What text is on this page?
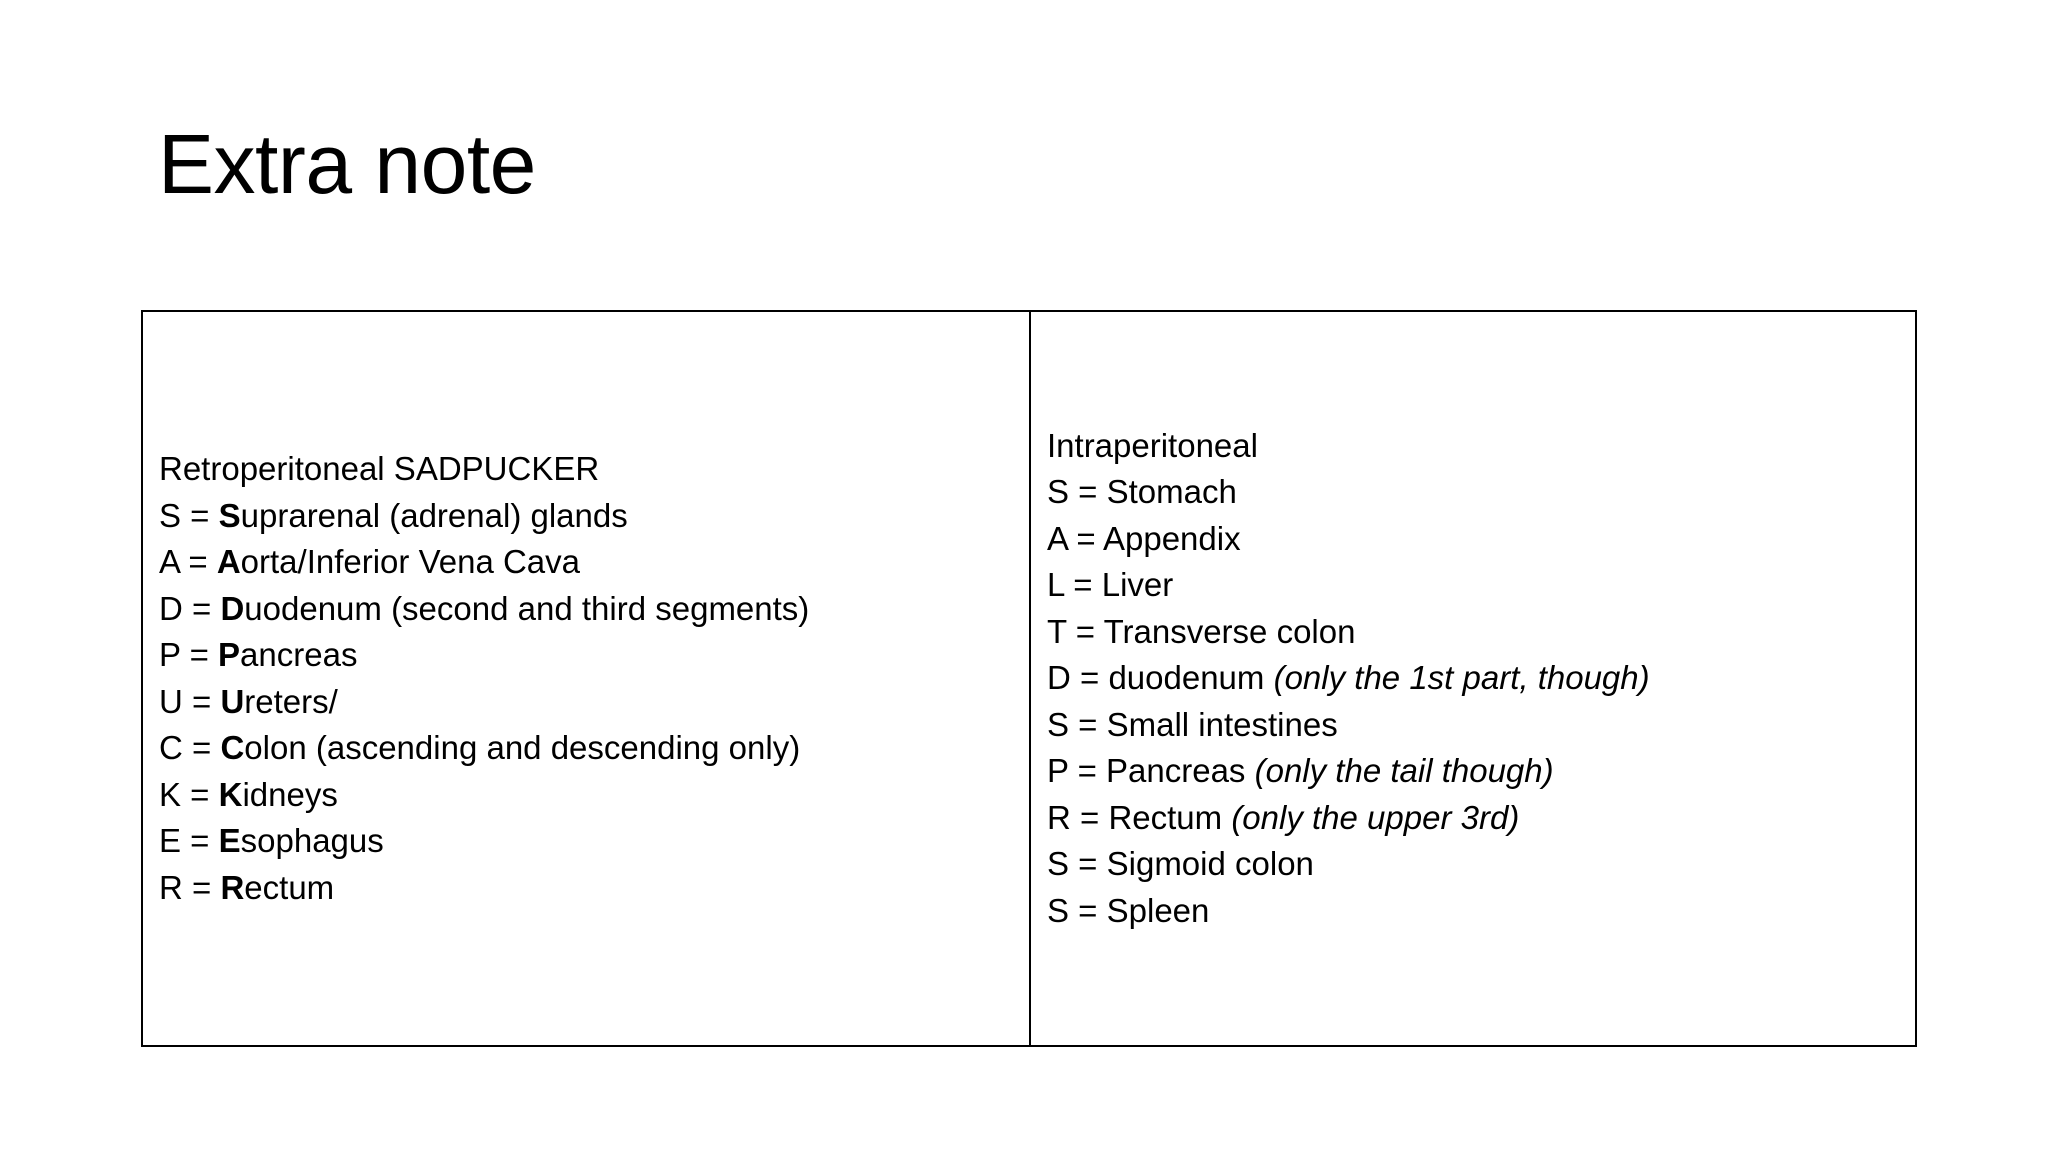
Extra note
Retroperitoneal SADPUCKER
S = Suprarenal (adrenal) glands
A = Aorta/Inferior Vena Cava
D = Duodenum (second and third segments)
P = Pancreas
U = Ureters/
C = Colon (ascending and descending only)
K = Kidneys
E = Esophagus
R = Rectum
Intraperitoneal
S = Stomach
A = Appendix
L = Liver
T = Transverse colon
D = duodenum (only the 1st part, though)
S = Small intestines
P = Pancreas (only the tail though)
R = Rectum (only the upper 3rd)
S = Sigmoid colon
S = Spleen
